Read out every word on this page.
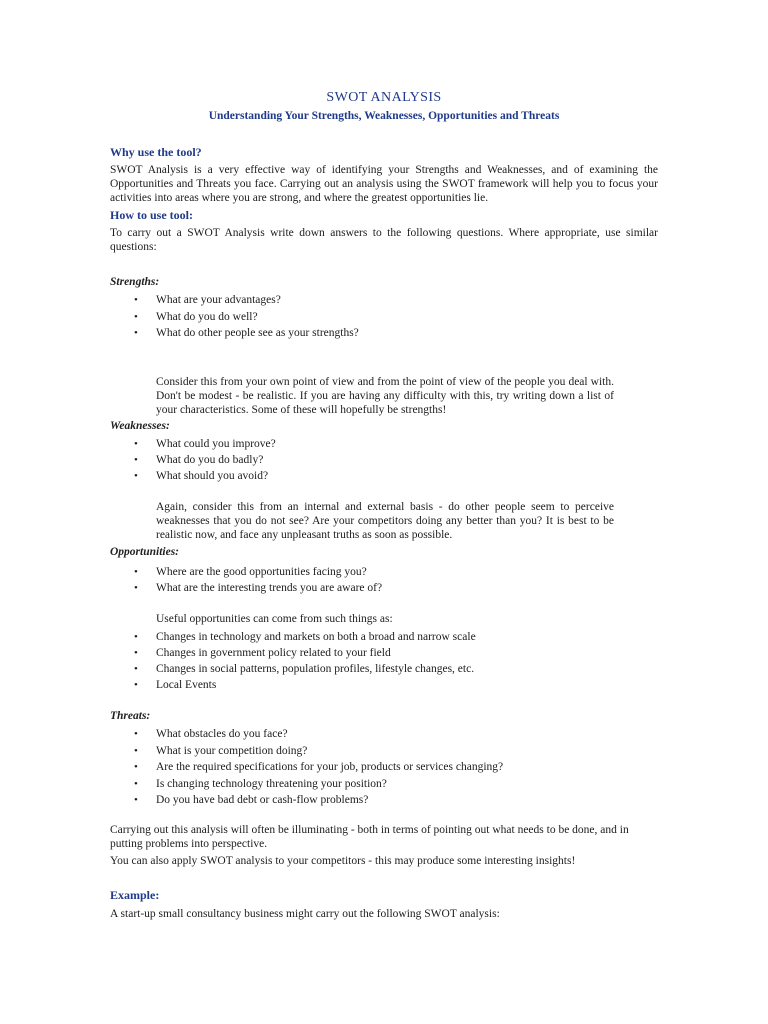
SWOT ANALYSIS
Understanding Your Strengths, Weaknesses, Opportunities and Threats
Why use the tool?

SWOT Analysis is a very effective way of identifying your Strengths and Weaknesses, and of examining the Opportunities and Threats you face. Carrying out an analysis using the SWOT framework will help you to focus your activities into areas where you are strong, and where the greatest opportunities lie.

How to use tool:

To carry out a SWOT Analysis write down answers to the following questions. Where appropriate, use similar questions:

Strengths:
• What are your advantages?
• What do you do well?
• What do other people see as your strengths?

Consider this from your own point of view and from the point of view of the people you deal with. Don't be modest - be realistic. If you are having any difficulty with this, try writing down a list of your characteristics. Some of these will hopefully be strengths!

Weaknesses:
• What could you improve?
• What do you do badly?
• What should you avoid?

Again, consider this from an internal and external basis - do other people seem to perceive weaknesses that you do not see? Are your competitors doing any better than you? It is best to be realistic now, and face any unpleasant truths as soon as possible.

Opportunities:
• Where are the good opportunities facing you?
• What are the interesting trends you are aware of?
Useful opportunities can come from such things as:
• Changes in technology and markets on both a broad and narrow scale
• Changes in government policy related to your field
• Changes in social patterns, population profiles, lifestyle changes, etc.
• Local Events
Threats:
• What obstacles do you face?
• What is your competition doing?
• Are the required specifications for your job, products or services changing?
• Is changing technology threatening your position?
• Do you have bad debt or cash-flow problems?

Carrying out this analysis will often be illuminating - both in terms of pointing out what needs to be done, and in putting problems into perspective.

You can also apply SWOT analysis to your competitors - this may produce some interesting insights!
Example:
A start-up small consultancy business might carry out the following SWOT analysis:
